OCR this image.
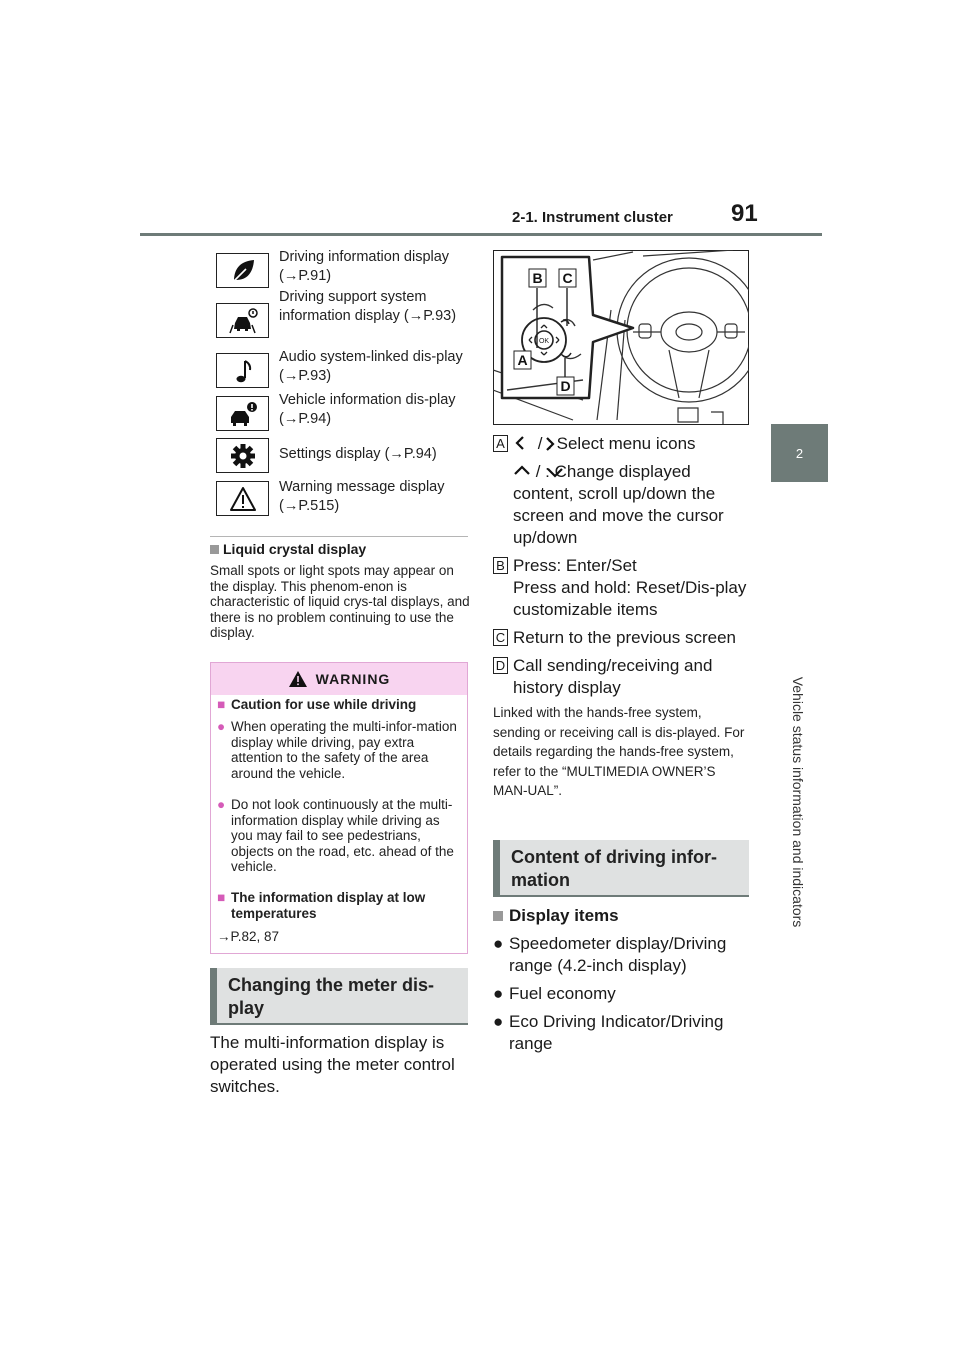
2-1. Instrument cluster 91
2
Vehicle status information and indicators
Driving information display (→P.91)
Driving support system information display (→P.93)
Audio system-linked dis-play (→P.93)
Vehicle information dis-play (→P.94)
Settings display (→P.94)
Warning message display (→P.515)
Liquid crystal display
Small spots or light spots may appear on the display. This phenom-enon is characteristic of liquid crys-tal displays, and there is no problem continuing to use the display.
WARNING
■ Caution for use while driving
● When operating the multi-infor-mation display while driving, pay extra attention to the safety of the area around the vehicle.
● Do not look continuously at the multi-information display while driving as you may fail to see pedestrians, objects on the road, etc. ahead of the vehicle.
■ The information display at low temperatures
→P.82, 87
Changing the meter dis-play
The multi-information display is operated using the meter control switches.
OK
B C
A
D
A
	/ : Select menu icons

/ : Change displayed content, scroll up/down the screen and move the cursor up/down
B Press: Enter/Set
Press and hold: Reset/Dis-play customizable items
C Return to the previous screen
D Call sending/receiving and history display
Linked with the hands-free system, sending or receiving call is dis-played. For details regarding the hands-free system, refer to the “MULTIMEDIA OWNER’S MAN-UAL”.
Content of driving infor-mation
Display items
● Speedometer display/Driving range (4.2-inch display)
● Fuel economy
● Eco Driving Indicator/Driving range
